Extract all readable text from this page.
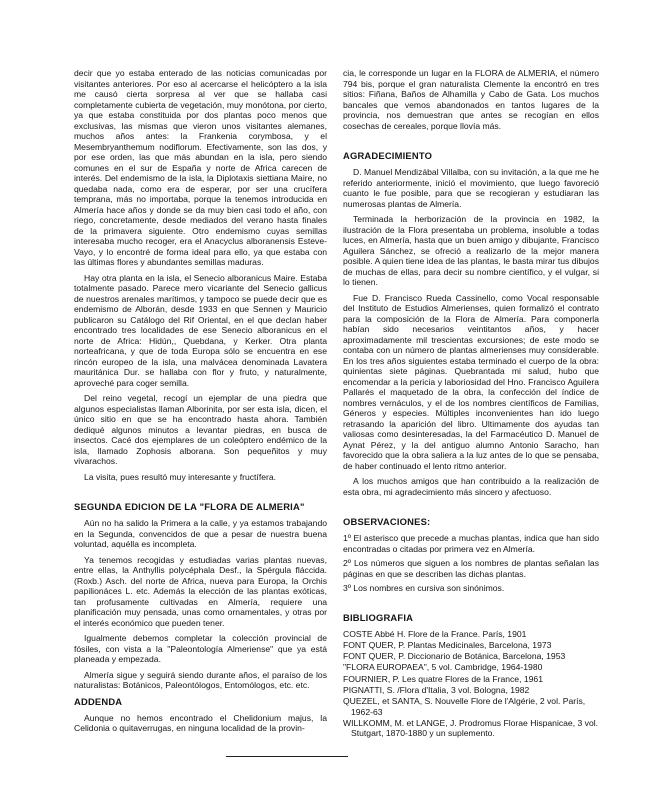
decir que yo estaba enterado de las noticias comunicadas por visitantes anteriores. Por eso al acercarse el helicóptero a la isla me causó cierta sorpresa al ver que se hallaba casi completamente cubierta de vegetación, muy monótona, por cierto, ya que estaba constituida por dos plantas poco menos que exclusivas, las mismas que vieron unos visitantes alemanes, muchos años antes: la Frankenia corymbosa, y el Mesembryanthemum nodiflorum. Efectivamente, son las dos, y por ese orden, las que más abundan en la isla, pero siendo comunes en el sur de España y norte de Africa carecen de interés. Del endemismo de la isla, la Diplotaxis siettiana Maire, no quedaba nada, como era de esperar, por ser una crucífera temprana, más no importaba, porque la tenemos introducida en Almería hace años y donde se da muy bien casi todo el año, con riego, concretamente, desde mediados del verano hasta finales de la primavera siguiente. Otro endemismo cuyas semillas interesaba mucho recoger, era el Anacyclus alboranensis Esteve-Vayo, y lo encontré de forma ideal para ello, ya que estaba con las últimas flores y abundantes semillas maduras.

Hay otra planta en la isla, el Senecio alboranicus Maire. Estaba totalmente pasado. Parece mero vicariante del Senecio gallicus de nuestros arenales marítimos, y tampoco se puede decir que es endemismo de Alborán, desde 1933 en que Sennen y Mauricio publicaron su Catálogo del Rif Oriental, en el que declan haber encontrado tres localidades de ese Senecio alboranicus en el norte de Africa: Hidún,, Quebdana, y Kerker. Otra planta norteafricana, y que de toda Europa sólo se encuentra en ese rincón europeo de la isla, una malvácea denominada Lavatera mauritánica Dur. se hallaba con flor y fruto, y naturalmente, aproveché para coger semilla.

Del reino vegetal, recogí un ejemplar de una piedra que algunos especialistas llaman Alborinita, por ser esta isla, dicen, el único sitio en que se ha encontrado hasta ahora. También dediqué algunos minutos a levantar piedras, en busca de insectos. Cacé dos ejemplares de un coleóptero endémico de la isla, llamado Zophosis alborana. Son pequeñitos y muy vivarachos.

La visita, pues resultó muy interesante y fructífera.

SEGUNDA EDICION DE LA "FLORA DE ALMERIA"

Aún no ha salido la Primera a la calle, y ya estamos trabajando en la Segunda, convencidos de que a pesar de nuestra buena voluntad, aquélla es incompleta.

Ya tenemos recogidas y estudiadas varias plantas nuevas, entre ellas, la Anthyllis polycéphala Desf., la Spérgula fláccida. (Roxb.) Asch. del norte de Africa, nueva para Europa, la Orchis papilionáces L. etc. Además la elección de las plantas exóticas, tan profusamente cultivadas en Almería, requiere una planificación muy pensada, unas como ornamentales, y otras por el interés económico que pueden tener.

Igualmente debemos completar la colección provincial de fósiles, con vista a la "Paleontología Almeriense" que ya está planeada y empezada.

Almería sigue y seguirá siendo durante años, el paraíso de los naturalistas: Botánicos, Paleontólogos, Entomólogos, etc. etc.

ADDENDA

Aunque no hemos encontrado el Chelidonium majus, la Celidonia o quitaverrugas, en ninguna localidad de la provin-

cia, le corresponde un lugar en la FLORA de ALMERIA, el número 794 bis, porque el gran naturalista Clemente la encontró en tres sitios: Fiñana, Baños de Alhamilla y Cabo de Gata. Los muchos bancales que vemos abandonados en tantos lugares de la provincia, nos demuestran que antes se recogían en ellos cosechas de cereales, porque llovía más.

AGRADECIMIENTO

D. Manuel Mendizábal Villalba, con su invitación, a la que me he referido anteriormente, inició el movimiento, que luego favoreció cuanto le fue posible, para que se recogieran y estudiaran las numerosas plantas de Almería.

Terminada la herborización de la provincia en 1982, la ilustración de la Flora presentaba un problema, insoluble a todas luces, en Almería, hasta que un buen amigo y dibujante, Francisco Aguilera Sánchez, se ofreció a realizarlo de la mejor manera posible. A quien tiene idea de las plantas, le basta mirar tus dibujos de muchas de ellas, para decir su nombre científico, y el vulgar, si lo tienen.

Fue D. Francisco Rueda Cassinello, como Vocal responsable del Instituto de Estudios Almerienses, quien formalizó el contrato para la composición de la Flora de Almería. Para componerla habían sido necesarios veintitantos años, y hacer aproximadamente mil trescientas excursiones; de este modo se contaba con un número de plantas almerienses muy considerable. En los tres años siguientes estaba terminado el cuerpo de la obra: quinientas siete páginas. Quebrantada mi salud, hubo que encomendar a la pericia y laboriosidad del Hno. Francisco Aguilera Pallarés el maquetado de la obra, la confección del índice de nombres vernáculos, y el de los nombres científicos de Familias, Géneros y especies. Múltiples inconvenientes han ido luego retrasando la aparición del libro. Ultimamente dos ayudas tan valiosas como desinteresadas, la del Farmacéutico D. Manuel de Aynat Pérez, y la del antiguo alumno Antonio Saracho, han favorecido que la obra saliera a la luz antes de lo que se pensaba, de haber continuado el lento ritmo anterior.

A los muchos amigos que han contribuido a la realización de esta obra, mi agradecimiento más sincero y afectuoso.

OBSERVACIONES:
1º El asterisco que precede a muchas plantas, indica que han sido encontradas o citadas por primera vez en Almería.
2º Los números que siguen a los nombres de plantas señalan las páginas en que se describen las dichas plantas.
3º Los nombres en cursiva son sinónimos.
BIBLIOGRAFIA
COSTE Abbé H. Flore de la France. París, 1901
FONT QUER, P. Plantas Medicinales, Barcelona, 1973
FONT QUER, P. Diccionario de Botánica, Barcelona, 1953
"FLORA EUROPAEA", 5 vol. Cambridge, 1964-1980
FOURNIER, P. Les quatre Flores de la France, 1961
PIGNATTI, S. /Flora d'Italia, 3 vol. Bologna, 1982
QUEZEL, et SANTA, S. Nouvelle Flore de l'Algérie, 2 vol. París, 1962-63
WILLKOMM, M. et LANGE, J. Prodromus Florae Hispanicae, 3 vol. Stutgart, 1870-1880 y un suplemento.
